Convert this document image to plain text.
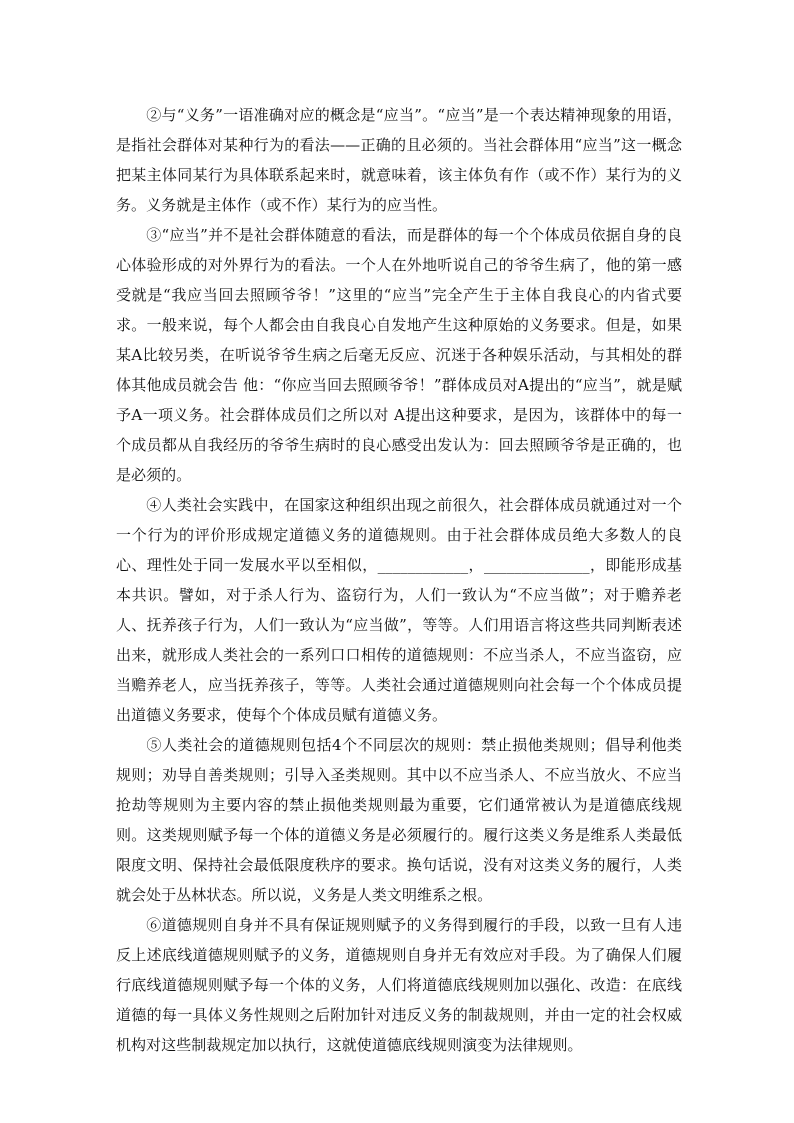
②与“义务”一语准确对应的概念是“应当”。“应当”是一个表达精神现象的用语，是指社会群体对某种行为的看法——正确的且必须的。当社会群体用“应当”这一概念把某主体同某行为具体联系起来时，就意味着，该主体负有作（或不作）某行为的义务。义务就是主体作（或不作）某行为的应当性。

③“应当”并不是社会群体随意的看法，而是群体的每一个个体成员依据自身的良心体验形成的对外界行为的看法。一个人在外地听说自己的爷爷生病了，他的第一感受就是“我应当回去照顾爷爷！”这里的“应当”完全产生于主体自我良心的内省式要求。一般来说，每个人都会由自我良心自发地产生这种原始的义务要求。但是，如果某A比较另类，在听说爷爷生病之后毫无反应、沉迷于各种娱乐活动，与其相处的群体其他成员就会告 他：“你应当回去照顾爷爷！”群体成员对A提出的“应当”，就是赋予A一项义务。社会群体成员们之所以对 A提出这种要求，是因为，该群体中的每一个成员都从自我经历的爷爷生病时的良心感受出发认为：回去照顾爷爷是正确的，也是必须的。

④人类社会实践中，在国家这种组织出现之前很久，社会群体成员就通过对一个一个行为的评价形成规定道德义务的道德规则。由于社会群体成员绝大多数人的良心、理性处于同一发展水平以至相似，____________，______________，即能形成基本共识。譬如，对于杀人行为、盗窃行为，人们一致认为“不应当做”；对于赡养老人、抚养孩子行为，人们一致认为“应当做”，等等。人们用语言将这些共同判断表述出来，就形成人类社会的一系列口口相传的道德规则：不应当杀人，不应当盗窃，应当赡养老人，应当抚养孩子，等等。人类社会通过道德规则向社会每一个个体成员提出道德义务要求，使每个个体成员赋有道德义务。

⑤人类社会的道德规则包括4个不同层次的规则：禁止损他类规则；倡导利他类规则；劝导自善类规则；引导入圣类规则。其中以不应当杀人、不应当放火、不应当抢劫等规则为主要内容的禁止损他类规则最为重要，它们通常被认为是道德底线规则。这类规则赋予每一个体的道德义务是必须履行的。履行这类义务是维系人类最低限度文明、保持社会最低限度秩序的要求。换句话说，没有对这类义务的履行，人类就会处于丛林状态。所以说，义务是人类文明维系之根。

⑥道德规则自身并不具有保证规则赋予的义务得到履行的手段，以致一旦有人违反上述底线道德规则赋予的义务，道德规则自身并无有效应对手段。为了确保人们履行底线道德规则赋予每一个体的义务，人们将道德底线规则加以强化、改造：在底线道德的每一具体义务性规则之后附加针对违反义务的制裁规则，并由一定的社会权威机构对这些制裁规定加以执行，这就使道德底线规则演变为法律规则。
